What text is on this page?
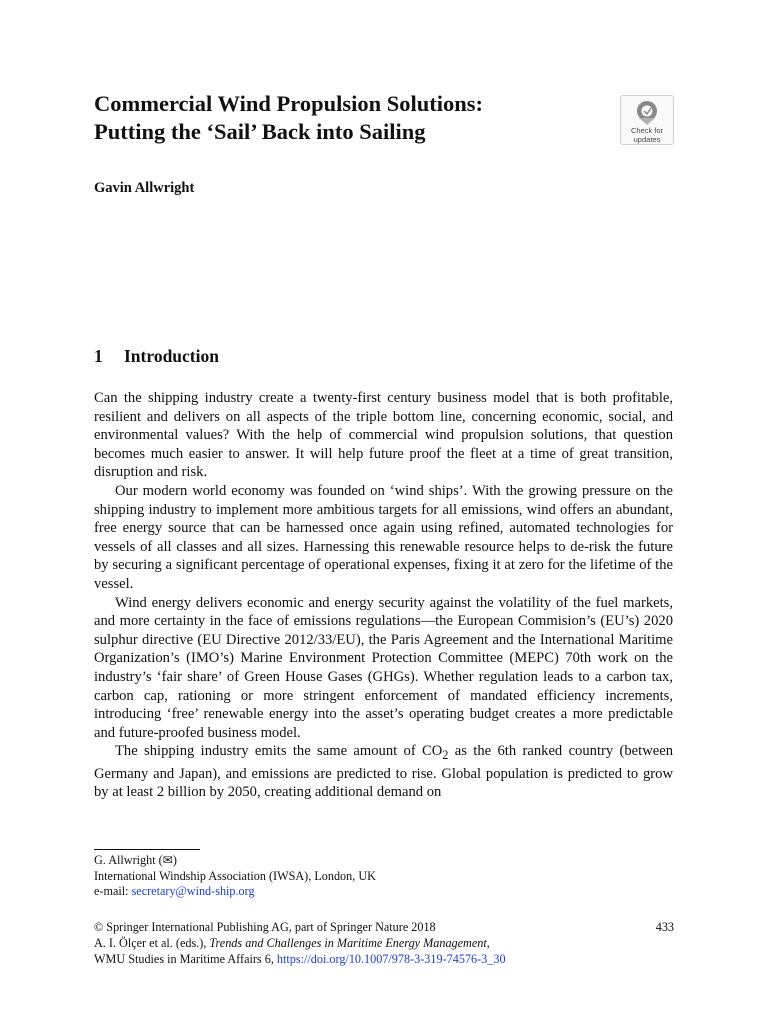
Commercial Wind Propulsion Solutions:
Putting the ‘Sail’ Back into Sailing	Check for
updates
Gavin Allwright
1 Introduction

Can the shipping industry create a twenty-first century business model that is both profitable, resilient and delivers on all aspects of the triple bottom line, concerning economic, social, and environmental values? With the help of commercial wind propulsion solutions, that question becomes much easier to answer. It will help future proof the fleet at a time of great transition, disruption and risk.

Our modern world economy was founded on ‘wind ships’. With the growing pressure on the shipping industry to implement more ambitious targets for all emissions, wind offers an abundant, free energy source that can be harnessed once again using refined, automated technologies for vessels of all classes and all sizes. Harnessing this renewable resource helps to de-risk the future by securing a significant percentage of operational expenses, fixing it at zero for the lifetime of the vessel.

Wind energy delivers economic and energy security against the volatility of the fuel markets, and more certainty in the face of emissions regulations—the European Commision’s (EU’s) 2020 sulphur directive (EU Directive 2012/33/EU), the Paris Agreement and the International Maritime Organization’s (IMO’s) Marine Environment Protection Committee (MEPC) 70th work on the industry’s ‘fair share’ of Green House Gases (GHGs). Whether regulation leads to a carbon tax, carbon cap, rationing or more stringent enforcement of mandated efficiency increments, introducing ‘free’ renewable energy into the asset’s operating budget creates a more predictable and future-proofed business model.

The shipping industry emits the same amount of $CO_2$ as the 6th ranked country (between Germany and Japan), and emissions are predicted to rise. Global population is predicted to grow by at least 2 billion by 2050, creating additional demand on

G. Allwright (✉)
International Windship Association (IWSA), London, UK
e-mail: secretary@wind-ship.org
© Springer International Publishing AG, part of Springer Nature 2018	433
A. I. Ölçer et al. (eds.), Trends and Challenges in Maritime Energy Management,
WMU Studies in Maritime Affairs 6, https://doi.org/10.1007/978-3-319-74576-3_30
